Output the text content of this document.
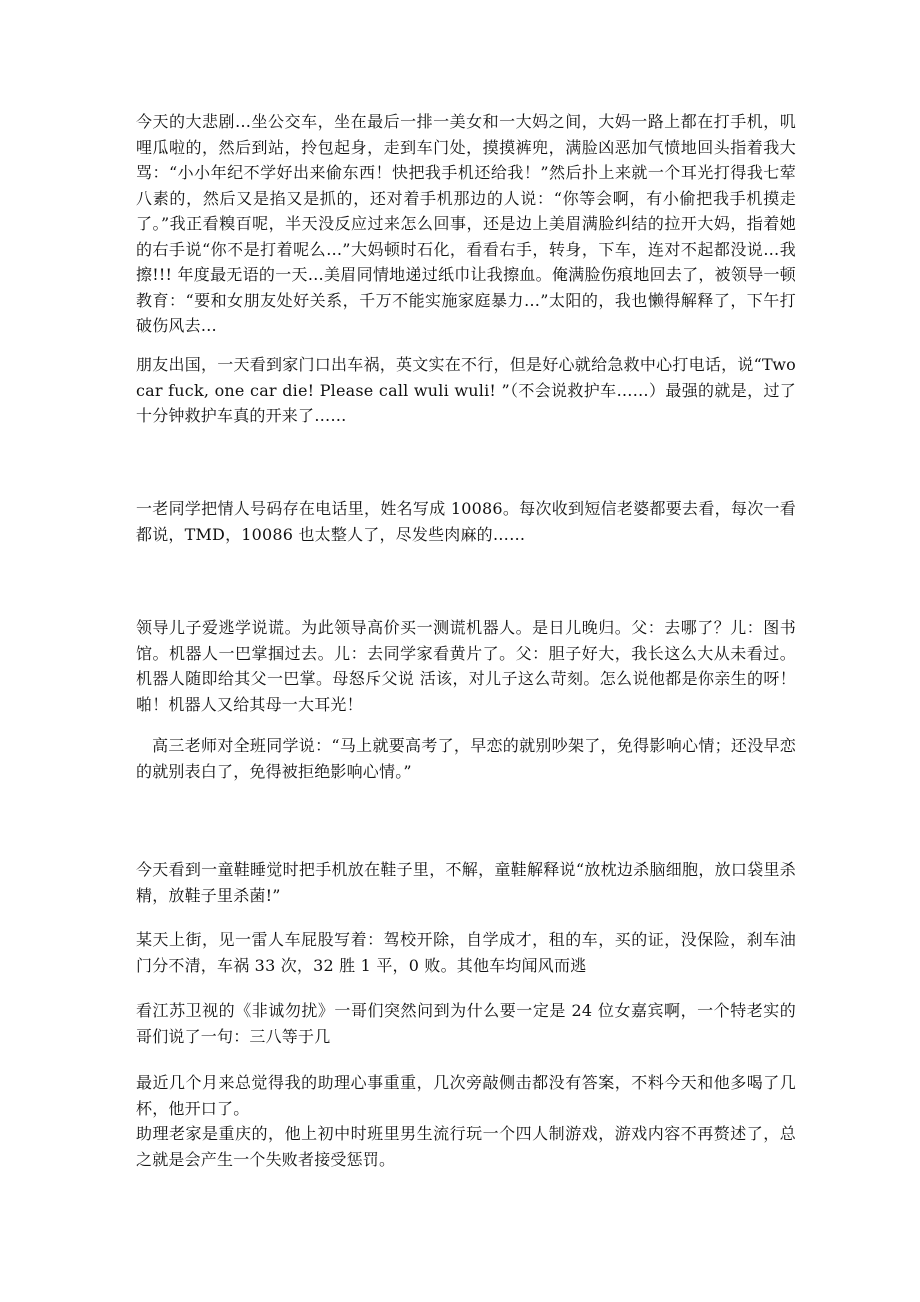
今天的大悲剧…坐公交车，坐在最后一排一美女和一大妈之间，大妈一路上都在打手机，叽哩瓜啦的，然后到站，拎包起身，走到车门处，摸摸裤兜，满脸凶恶加气愤地回头指着我大骂：“小小年纪不学好出来偷东西！快把我手机还给我！”然后扑上来就一个耳光打得我七荤八素的，然后又是掐又是抓的，还对着手机那边的人说：“你等会啊，有小偷把我手机摸走了。”我正看糗百呢，半天没反应过来怎么回事，还是边上美眉满脸纠结的拉开大妈，指着她的右手说“你不是打着呢么…”大妈顿时石化，看看右手，转身，下车，连对不起都没说…我擦!!! 年度最无语的一天…美眉同情地递过纸巾让我擦血。俺满脸伤痕地回去了，被领导一顿教育：“要和女朋友处好关系，千万不能实施家庭暴力…”太阳的，我也懒得解释了，下午打破伤风去…

朋友出国，一天看到家门口出车祸，英文实在不行，但是好心就给急救中心打电话，说“Two car fuck, one car die! Please call wuli wuli! ”（不会说救护车……）最强的就是，过了十分钟救护车真的开来了……

一老同学把情人号码存在电话里，姓名写成 10086。每次收到短信老婆都要去看，每次一看都说，TMD，10086 也太整人了，尽发些肉麻的……

领导儿子爱逃学说谎。为此领导高价买一测谎机器人。是日儿晚归。父：去哪了？儿：图书馆。机器人一巴掌掴过去。儿：去同学家看黄片了。父：胆子好大，我长这么大从未看过。机器人随即给其父一巴掌。母怒斥父说 活该，对儿子这么苛刻。怎么说他都是你亲生的呀！啪！机器人又给其母一大耳光！

高三老师对全班同学说：“马上就要高考了，早恋的就别吵架了，免得影响心情；还没早恋的就别表白了，免得被拒绝影响心情。”

今天看到一童鞋睡觉时把手机放在鞋子里，不解，童鞋解释说“放枕边杀脑细胞，放口袋里杀精，放鞋子里杀菌!”

某天上街，见一雷人车屁股写着：驾校开除，自学成才，租的车，买的证，没保险，刹车油门分不清，车祸 33 次，32 胜 1 平，0 败。其他车均闻风而逃

看江苏卫视的《非诚勿扰》一哥们突然问到为什么要一定是 24 位女嘉宾啊，一个特老实的哥们说了一句：三八等于几

最近几个月来总觉得我的助理心事重重，几次旁敲侧击都没有答案，不料今天和他多喝了几杯，他开口了。
助理老家是重庆的，他上初中时班里男生流行玩一个四人制游戏，游戏内容不再赘述了，总之就是会产生一个失败者接受惩罚。
